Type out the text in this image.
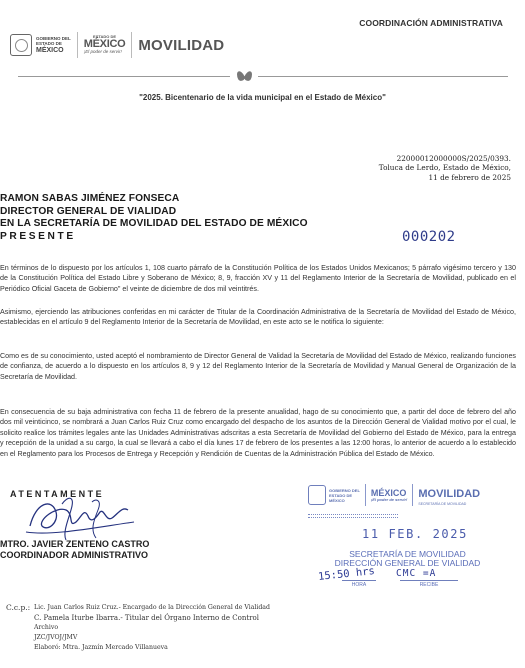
COORDINACIÓN ADMINISTRATIVA
GOBIERNO DEL
ESTADO DE
MÉXICO
ESTADO DE
MÉXICO
¡El poder de servir! MOVILIDAD
"2025. Bicentenario de la vida municipal en el Estado de México"
22000012000000S/2025/0393.
Toluca de Lerdo, Estado de México,
11 de febrero de 2025
RAMON SABAS JIMÉNEZ FONSECA
DIRECTOR GENERAL DE VIALIDAD
EN LA SECRETARÍA DE MOVILIDAD DEL ESTADO DE MÉXICO
PRESENTE	000202

En términos de lo dispuesto por los artículos 1, 108 cuarto párrafo de la Constitución Política de los Estados Unidos Mexicanos; 5 párrafo vigésimo tercero y 130 de la Constitución Política del Estado Libre y Soberano de México; 8, 9, fracción XV y 11 del Reglamento Interior de la Secretaría de Movilidad, publicado en el Periódico Oficial Gaceta de Gobierno" el veinte de diciembre de dos mil veintitrés.

Asimismo, ejerciendo las atribuciones conferidas en mi carácter de Titular de la Coordinación Administrativa de la Secretaría de Movilidad del Estado de México, establecidas en el artículo 9 del Reglamento Interior de la Secretaría de Movilidad, en este acto se le notifica lo siguiente:

Como es de su conocimiento, usted aceptó el nombramiento de Director General de Validad la Secretaría de Movilidad del Estado de México, realizando funciones de confianza, de acuerdo a lo dispuesto en los artículos 8, 9 y 12 del Reglamento Interior de la Secretaría de Movilidad y Manual General de Organización de la Secretaría de Movilidad.

En consecuencia de su baja administrativa con fecha 11 de febrero de la presente anualidad, hago de su conocimiento que, a partir del doce de febrero del año dos mil veinticinco, se nombrará a Juan Carlos Ruiz Cruz como encargado del despacho de los asuntos de la Dirección General de Vialidad motivo por el cual, le solicito realice los trámites legales ante las Unidades Administrativas adscritas a esta Secretaría de Movilidad del Gobierno del Estado de México, para la entrega y recepción de la unidad a su cargo, la cual se llevará a cabo el día lunes 17 de febrero de los presentes a las 12:00 horas, lo anterior de acuerdo a lo establecido en el Reglamento para los Procesos de Entrega y Recepción y Rendición de Cuentas de la Administración Pública del Estado de México.

ATENTAMENTE
MTRO. JAVIER ZENTENO CASTRO
COORDINADOR ADMINISTRATIVO
GOBIERNO DEL
ESTADO DE
MÉXICO
MÉXICO
¡El poder de servir! MOVILIDAD
SECRETARÍA DE MOVILIDAD
11 FEB. 2025
SECRETARÍA DE MOVILIDAD
DIRECCIÓN GENERAL DE VIALIDAD
15:50 hrs CMC =A
HORA	RECIBE
C.c.p.: Lic. Juan Carlos Ruiz Cruz.- Encargado de la Dirección General de Vialidad
C. Pamela Iturbe Ibarra.- Titular del Órgano Interno de Control
Archivo
JZC/JVOJ/JMV
Elaboró: Mtra. Jazmín Mercado Villanueva
